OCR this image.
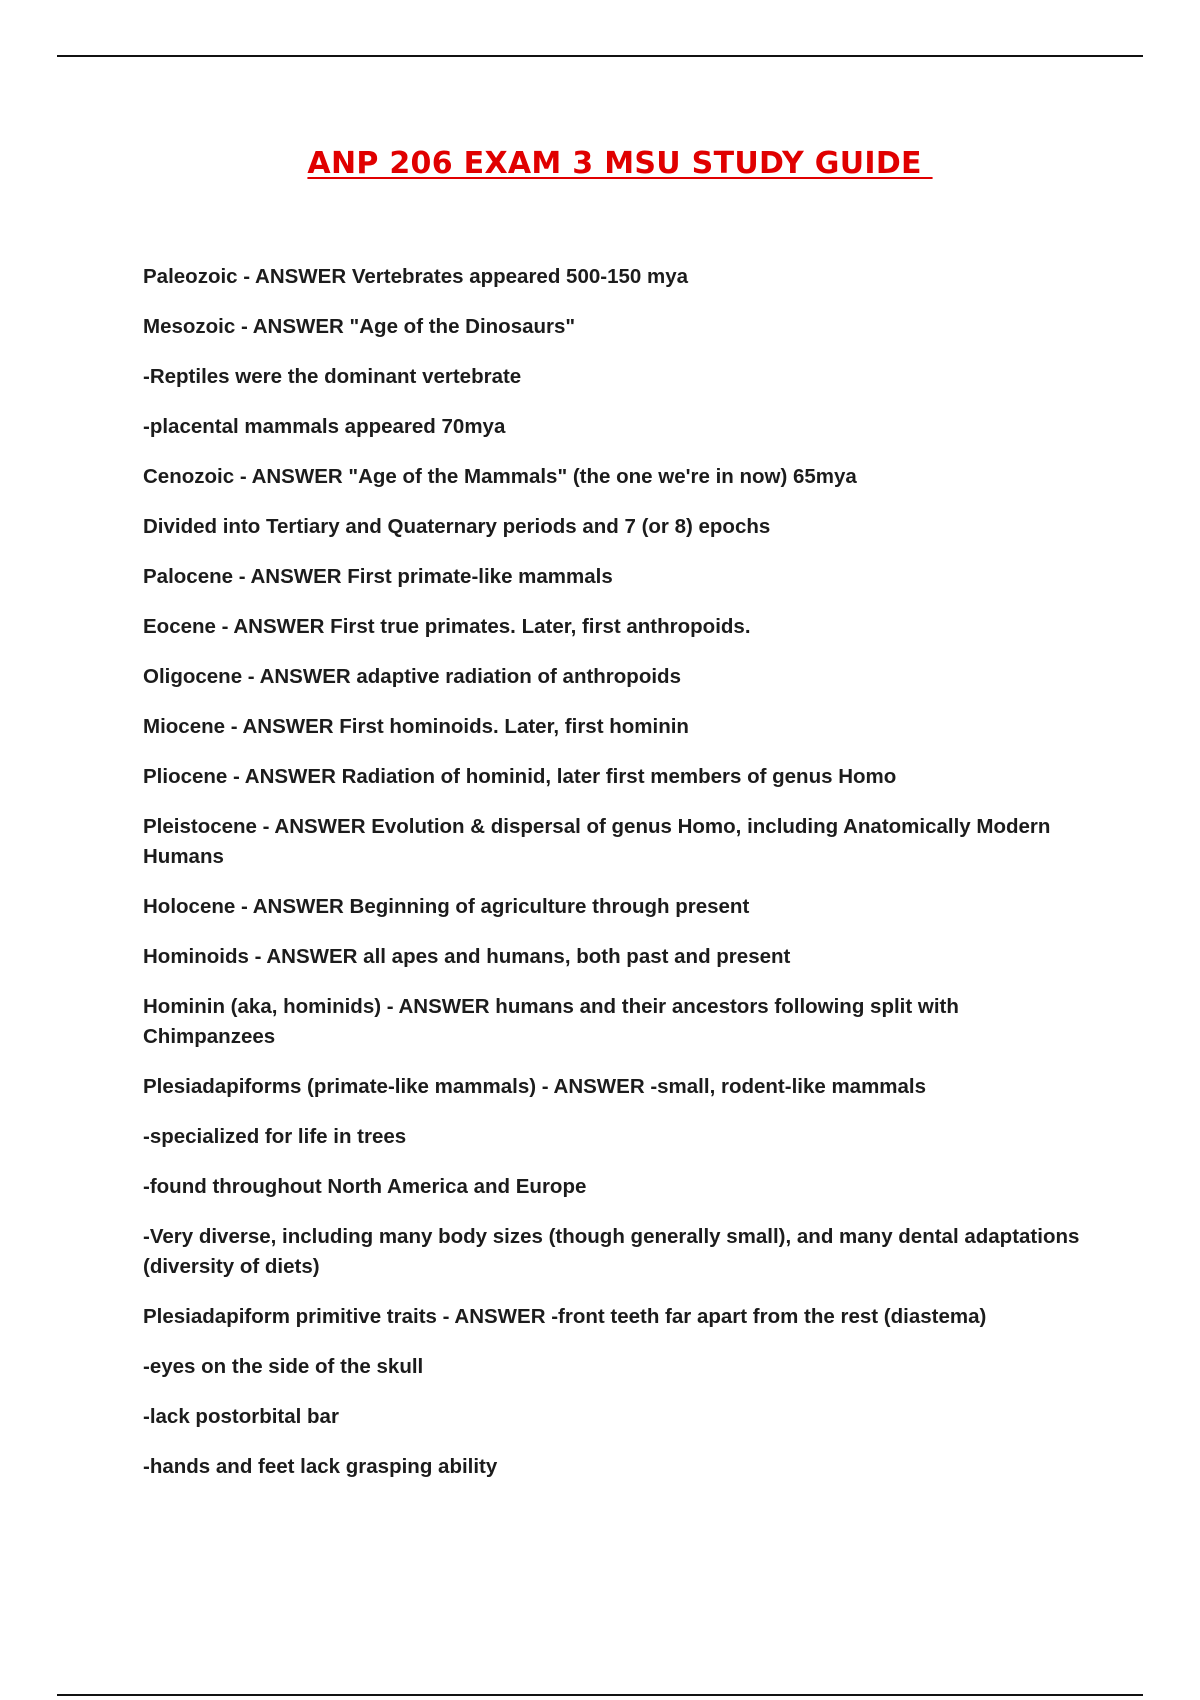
ANP 206 EXAM 3 MSU STUDY GUIDE

Paleozoic - ANSWER Vertebrates appeared 500-150 mya

Mesozoic - ANSWER "Age of the Dinosaurs"

-Reptiles were the dominant vertebrate

-placental mammals appeared 70mya

Cenozoic - ANSWER "Age of the Mammals" (the one we're in now) 65mya

Divided into Tertiary and Quaternary periods and 7 (or 8) epochs

Palocene - ANSWER First primate-like mammals

Eocene - ANSWER First true primates. Later, first anthropoids.

Oligocene - ANSWER adaptive radiation of anthropoids

Miocene - ANSWER First hominoids. Later, first hominin

Pliocene - ANSWER Radiation of hominid, later first members of genus Homo

Pleistocene - ANSWER Evolution & dispersal of genus Homo, including Anatomically Modern Humans

Holocene - ANSWER Beginning of agriculture through present

Hominoids - ANSWER all apes and humans, both past and present

Hominin (aka, hominids) - ANSWER humans and their ancestors following split with Chimpanzees

Plesiadapiforms (primate-like mammals) - ANSWER -small, rodent-like mammals

-specialized for life in trees

-found throughout North America and Europe

-Very diverse, including many body sizes (though generally small), and many dental adaptations (diversity of diets)

Plesiadapiform primitive traits - ANSWER -front teeth far apart from the rest (diastema)

-eyes on the side of the skull

-lack postorbital bar

-hands and feet lack grasping ability
